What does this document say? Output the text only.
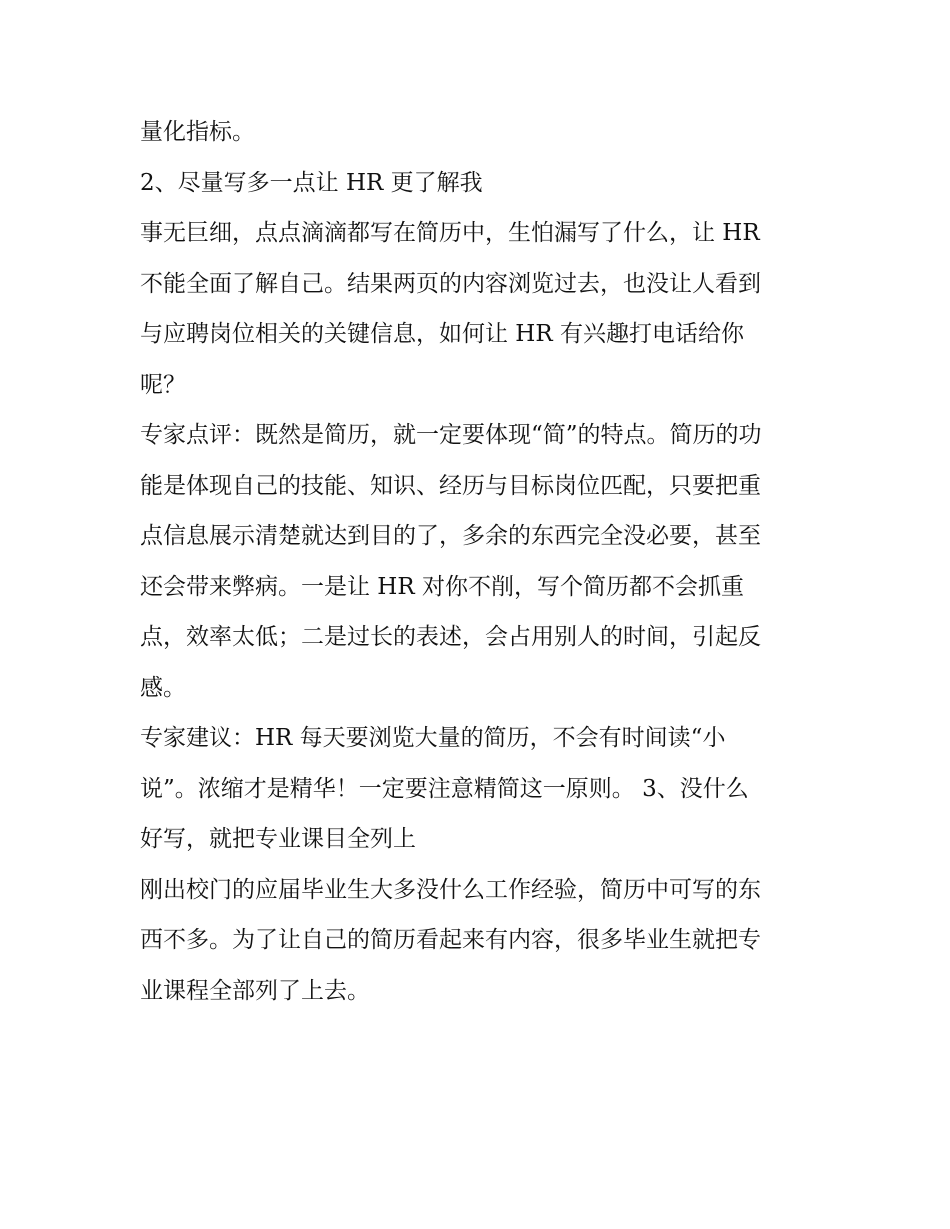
量化指标。
2、尽量写多一点让 HR 更了解我
事无巨细，点点滴滴都写在简历中，生怕漏写了什么，让 HR
不能全面了解自己。结果两页的内容浏览过去，也没让人看到
与应聘岗位相关的关键信息，如何让 HR 有兴趣打电话给你
呢？
专家点评：既然是简历，就一定要体现“简”的特点。简历的功
能是体现自己的技能、知识、经历与目标岗位匹配，只要把重
点信息展示清楚就达到目的了，多余的东西完全没必要，甚至
还会带来弊病。一是让 HR 对你不削，写个简历都不会抓重
点，效率太低；二是过长的表述，会占用别人的时间，引起反
感。
专家建议：HR 每天要浏览大量的简历，不会有时间读“小
说”。浓缩才是精华！一定要注意精简这一原则。 3、没什么
好写，就把专业课目全列上
刚出校门的应届毕业生大多没什么工作经验，简历中可写的东
西不多。为了让自己的简历看起来有内容，很多毕业生就把专
业课程全部列了上去。
